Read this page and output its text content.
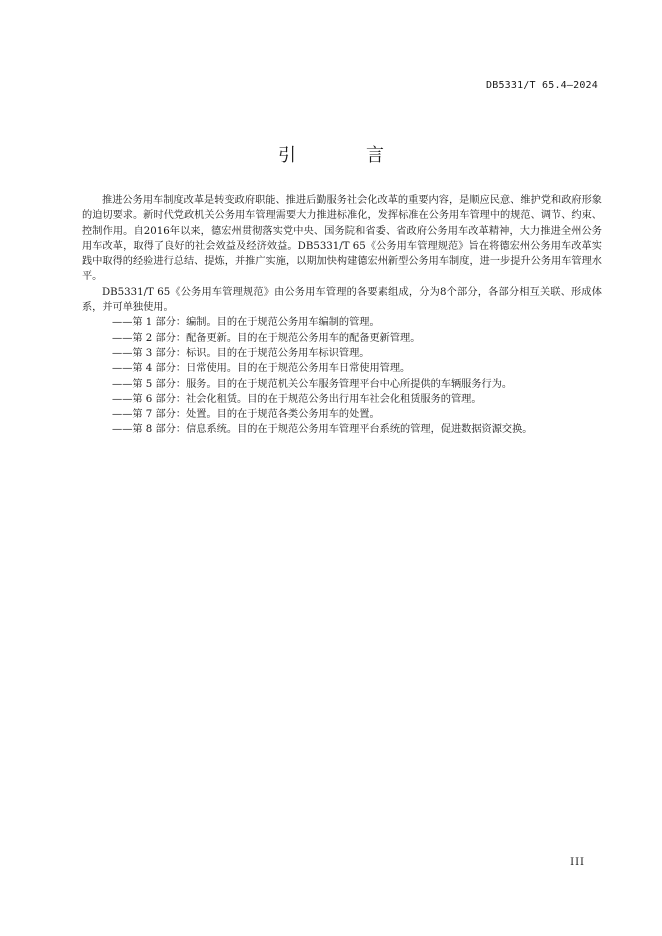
DB5331/T 65.4—2024
引　言

推进公务用车制度改革是转变政府职能、推进后勤服务社会化改革的重要内容，是顺应民意、维护党和政府形象的迫切要求。新时代党政机关公务用车管理需要大力推进标准化，发挥标准在公务用车管理中的规范、调节、约束、控制作用。自2016年以来，德宏州贯彻落实党中央、国务院和省委、省政府公务用车改革精神，大力推进全州公务用车改革，取得了良好的社会效益及经济效益。DB5331/T 65《公务用车管理规范》旨在将德宏州公务用车改革实践中取得的经验进行总结、提炼，并推广实施，以期加快构建德宏州新型公务用车制度，进一步提升公务用车管理水平。

DB5331/T 65《公务用车管理规范》由公务用车管理的各要素组成，分为8个部分，各部分相互关联、形成体系，并可单独使用。

——第 1 部分：编制。目的在于规范公务用车编制的管理。

——第 2 部分：配备更新。目的在于规范公务用车的配备更新管理。

——第 3 部分：标识。目的在于规范公务用车标识管理。

——第 4 部分：日常使用。目的在于规范公务用车日常使用管理。

——第 5 部分：服务。目的在于规范机关公车服务管理平台中心所提供的车辆服务行为。

——第 6 部分：社会化租赁。目的在于规范公务出行用车社会化租赁服务的管理。

——第 7 部分：处置。目的在于规范各类公务用车的处置。

——第 8 部分：信息系统。目的在于规范公务用车管理平台系统的管理，促进数据资源交换。

III
